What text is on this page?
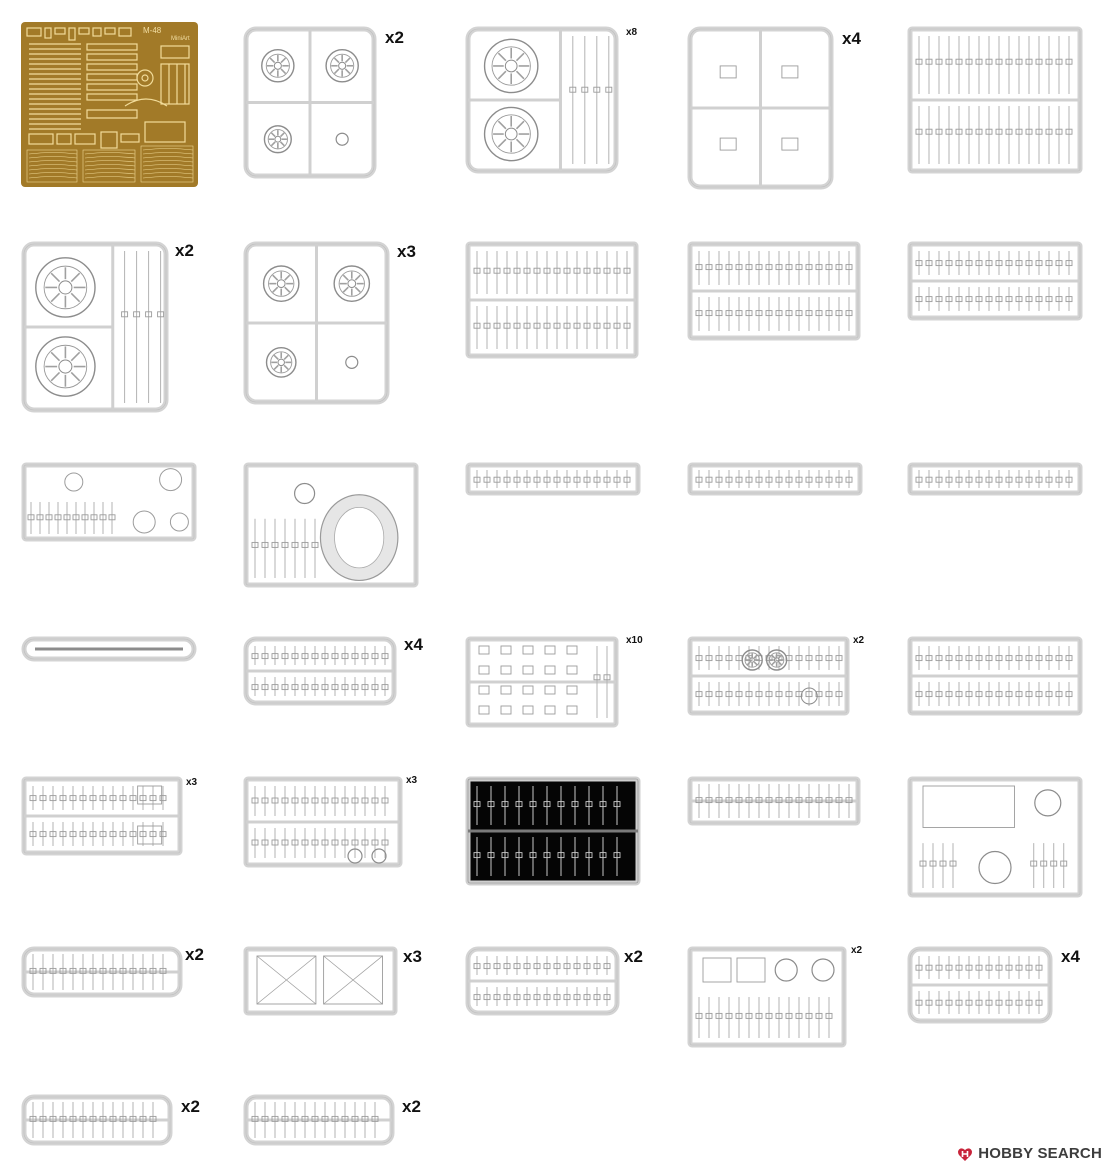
M-48
MiniArt	x2	x8	x4
x2	x3
x4	x10	x2
x3	x3
x2	x3	x2	x2	x4
x2	x2
HOBBY SEARCH
